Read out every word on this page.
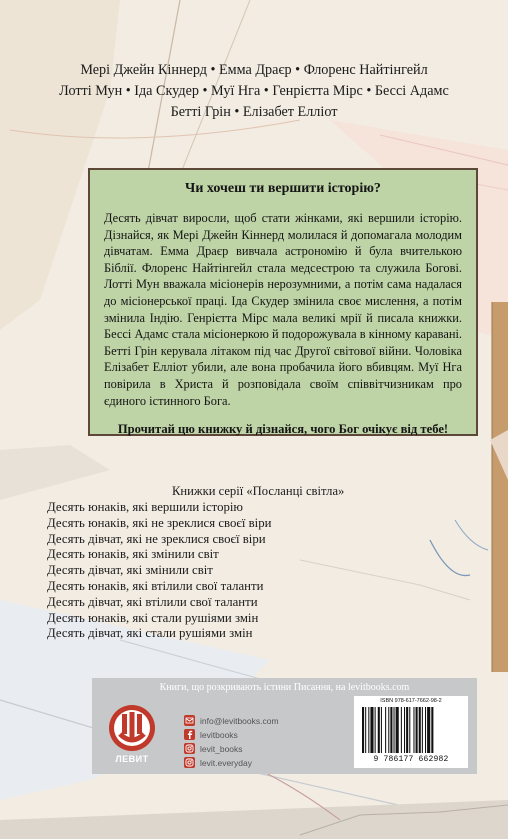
Мері Джейн Кіннерд • Емма Драєр • Флоренс Найтінгейл
Лотті Мун • Іда Скудер • Муї Нга • Генрієтта Мірс • Бессі Адамс
Бетті Грін • Елізабет Елліот
Чи хочеш ти вершити історію?
Десять дівчат виросли, щоб стати жінками, які вершили історію. Дізнайся, як Мері Джейн Кіннерд молилася й допомагала молодим дівчатам. Емма Драєр вивчала астрономію й була вчителькою Біблії. Флоренс Найтінгейл стала медсестрою та служила Богові. Лотті Мун вважала місіонерів нерозумними, а потім сама надалася до місіонерської праці. Іда Скудер змінила своє мислення, а потім змінила Індію. Генрієтта Мірс мала великі мрії й писала книжки. Бессі Адамс стала місіонеркою й подорожувала в кінному каравані. Бетті Грін керувала літаком під час Другої світової війни. Чоловіка Елізабет Елліот убили, але вона пробачила його вбивцям. Муї Нга повірила в Христа й розповідала своїм співвітчизникам про єдиного істинного Бога.
Прочитай цю книжку й дізнайся, чого Бог очікує від тебе!
Книжки серії «Посланці світла»
Десять юнаків, які вершили історію
Десять юнаків, які не зреклися своєї віри
Десять дівчат, які не зреклися своєї віри
Десять юнаків, які змінили світ
Десять дівчат, які змінили світ
Десять юнаків, які втілили свої таланти
Десять дівчат, які втілили свої таланти
Десять юнаків, які стали рушіями змін
Десять дівчат, які стали рушіями змін
Книги, що розкривають істини Писання, на levitbooks.com
ЛЕВИТ
info@levitbooks.com
levitbooks
levit_books
levit.everyday
ISBN 978-617-7662-98-2
9 786177 662982
